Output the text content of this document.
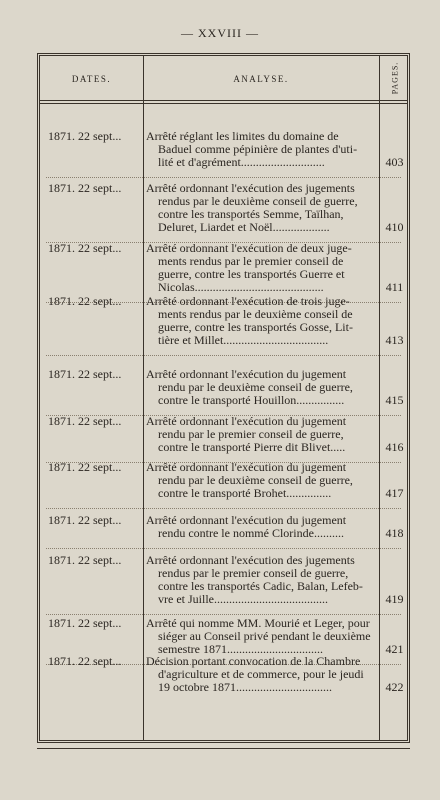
— XXVIII —
DATES.	ANALYSE.	PAGES.
1871. 22 sept...	Arrêté réglant les limites du domaine de
Baduel comme pépinière de plantes d'uti-
lité et d'agrément............................	403
1871. 22 sept...	Arrêté ordonnant l'exécution des jugements
rendus par le deuxième conseil de guerre,
contre les transportés Semme, Taïlhan,
Deluret, Liardet et Noël...................	410
1871. 22 sept...	Arrêté ordonnant l'exécution de deux juge-
ments rendus par le premier conseil de
guerre, contre les transportés Guerre et
Nicolas...........................................	411
1871. 22 sept...	Arrêté ordonnant l'exécution de trois juge-
ments rendus par le deuxième conseil de
guerre, contre les transportés Gosse, Lit-
tière et Millet...................................	413
1871. 22 sept...	Arrêté ordonnant l'exécution du jugement
rendu par le deuxième conseil de guerre,
contre le transporté Houillon................	415
1871. 22 sept...	Arrêté ordonnant l'exécution du jugement
rendu par le premier conseil de guerre,
contre le transporté Pierre dit Blivet.....	416
1871. 22 sept...	Arrêté ordonnant l'exécution du jugement
rendu par le deuxième conseil de guerre,
contre le transporté Brohet...............	417
1871. 22 sept...	Arrêté ordonnant l'exécution du jugement
rendu contre le nommé Clorinde..........	418
1871. 22 sept...	Arrêté ordonnant l'exécution des jugements
rendus par le premier conseil de guerre,
contre les transportés Cadic, Balan, Lefeb-
vre et Juille......................................	419
1871. 22 sept...	Arrêté qui nomme MM. Mourié et Leger, pour
siéger au Conseil privé pendant le deuxième
semestre 1871................................	421
1871. 22 sept...	Décision portant convocation de la Chambre
d'agriculture et de commerce, pour le jeudi
19 octobre 1871................................	422
